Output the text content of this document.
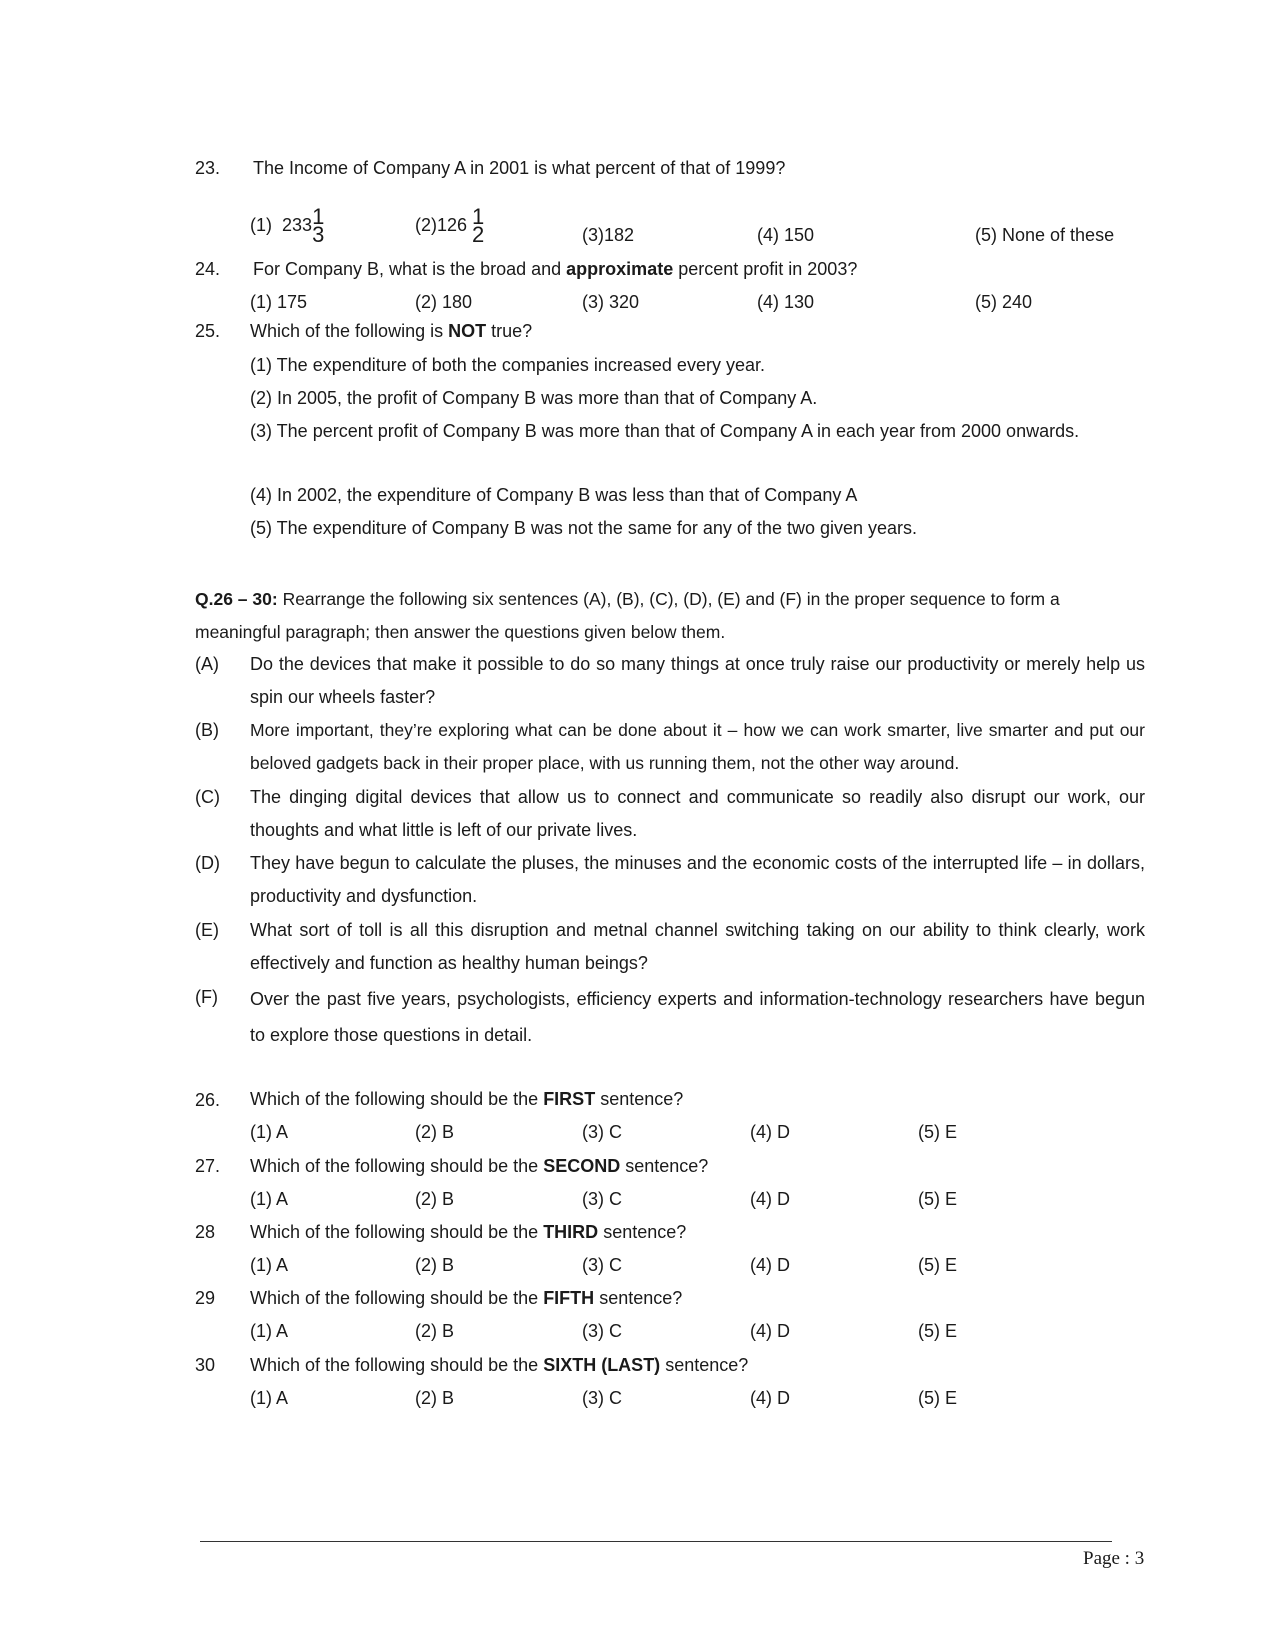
23. The Income of Company A in 2001 is what percent of that of 1999?
(1) 233 1
3	(2)126 1
2	(3)182	(4) 150	(5) None of these
24. For Company B, what is the broad and approximate percent profit in 2003?
(1) 175	(2) 180	(3) 320	(4) 130	(5) 240
25. Which of the following is NOT true?
(1) The expenditure of both the companies increased every year.
(2) In 2005, the profit of Company B was more than that of Company A.
(3) The percent profit of Company B was more than that of Company A in each year from 2000 onwards.
(4) In 2002, the expenditure of Company B was less than that of Company A
(5) The expenditure of Company B was not the same for any of the two given years.
Q.26 – 30: Rearrange the following six sentences (A), (B), (C), (D), (E) and (F) in the proper sequence to form a meaningful paragraph; then answer the questions given below them.
(A) Do the devices that make it possible to do so many things at once truly raise our productivity or merely help us spin our wheels faster?
(B) More important, they’re exploring what can be done about it – how we can work smarter, live smarter and put our beloved gadgets back in their proper place, with us running them, not the other way around.
(C) The dinging digital devices that allow us to connect and communicate so readily also disrupt our work, our thoughts and what little is left of our private lives.
(D) They have begun to calculate the pluses, the minuses and the economic costs of the interrupted life – in dollars, productivity and dysfunction.
(E) What sort of toll is all this disruption and metnal channel switching taking on our ability to think clearly, work effectively and function as healthy human beings?
(F) Over the past five years, psychologists, efficiency experts and information-technology researchers have begun to explore those questions in detail.
26. Which of the following should be the FIRST sentence?
(1) A	(2) B	(3) C	(4) D	(5) E
27. Which of the following should be the SECOND sentence?
(1) A	(2) B	(3) C	(4) D	(5) E
28 Which of the following should be the THIRD sentence?
(1) A	(2) B	(3) C	(4) D	(5) E
29 Which of the following should be the FIFTH sentence?
(1) A	(2) B	(3) C	(4) D	(5) E
30 Which of the following should be the SIXTH (LAST) sentence?
(1) A	(2) B	(3) C	(4) D	(5) E
Page : 3
